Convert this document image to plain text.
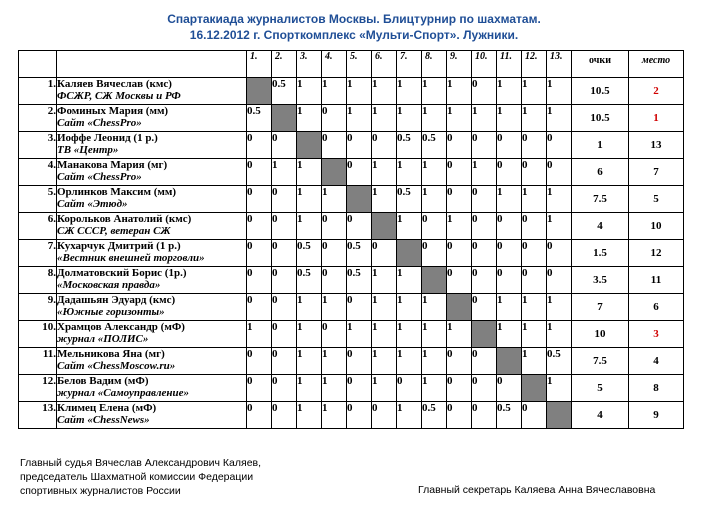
Спартакиада журналистов Москвы. Блицтурнир по шахматам.
16.12.2012 г. Спорткомплекс «Мульти-Спорт». Лужники.
		1.	2.	3.	4.	5.	6.	7.	8.	9.	10.	11.	12.	13.	очки	место
1.	Каляев Вячеслав (кмс)
ФСЖР, СЖ Москвы и РФ		0.5	1	1	1	1	1	1	1	0	1	1	1	10.5	2
2.	Фоминых Мария (мм)
Сайт «ChessPro»	0.5		1	0	1	1	1	1	1	1	1	1	1	10.5	1
3.	Иоффе Леонид (1 р.)
ТВ «Центр»	0	0		0	0	0	0.5	0.5	0	0	0	0	0	1	13
4.	Манакова Мария (мг)
Сайт «ChessPro»	0	1	1		0	1	1	1	0	1	0	0	0	6	7
5.	Орлинков Максим (мм)
Сайт «Этюд»	0	0	1	1		1	0.5	1	0	0	1	1	1	7.5	5
6.	Корольков Анатолий (кмс)
СЖ СССР, ветеран СЖ	0	0	1	0	0		1	0	1	0	0	0	1	4	10
7.	Кухарчук Дмитрий (1 р.)
«Вестник внешней торговли»	0	0	0.5	0	0.5	0		0	0	0	0	0	0	1.5	12
8.	Долматовский Борис (1р.)
«Московская правда»	0	0	0.5	0	0.5	1	1		0	0	0	0	0	3.5	11
9.	Дадашьян Эдуард (кмс)
«Южные горизонты»	0	0	1	1	0	1	1	1		0	1	1	1	7	6
10.	Храмцов Александр (мФ)
журнал «ПОЛИС»	1	0	1	0	1	1	1	1	1		1	1	1	10	3
11.	Мельникова Яна (мг)
Сайт «ChessMoscow.ru»	0	0	1	1	0	1	1	1	0	0		1	0.5	7.5	4
12.	Белов Вадим (мФ)
журнал «Самоуправление»	0	0	1	1	0	1	0	1	0	0	0		1	5	8
13.	Климец Елена (мФ)
Сайт «ChessNews»	0	0	1	1	0	0	1	0.5	0	0	0.5	0		4	9
Главный судья Вячеслав Александрович Каляев,
председатель Шахматной комиссии Федерации
спортивных журналистов России	Главный секретарь Каляева Анна Вячеславовна
